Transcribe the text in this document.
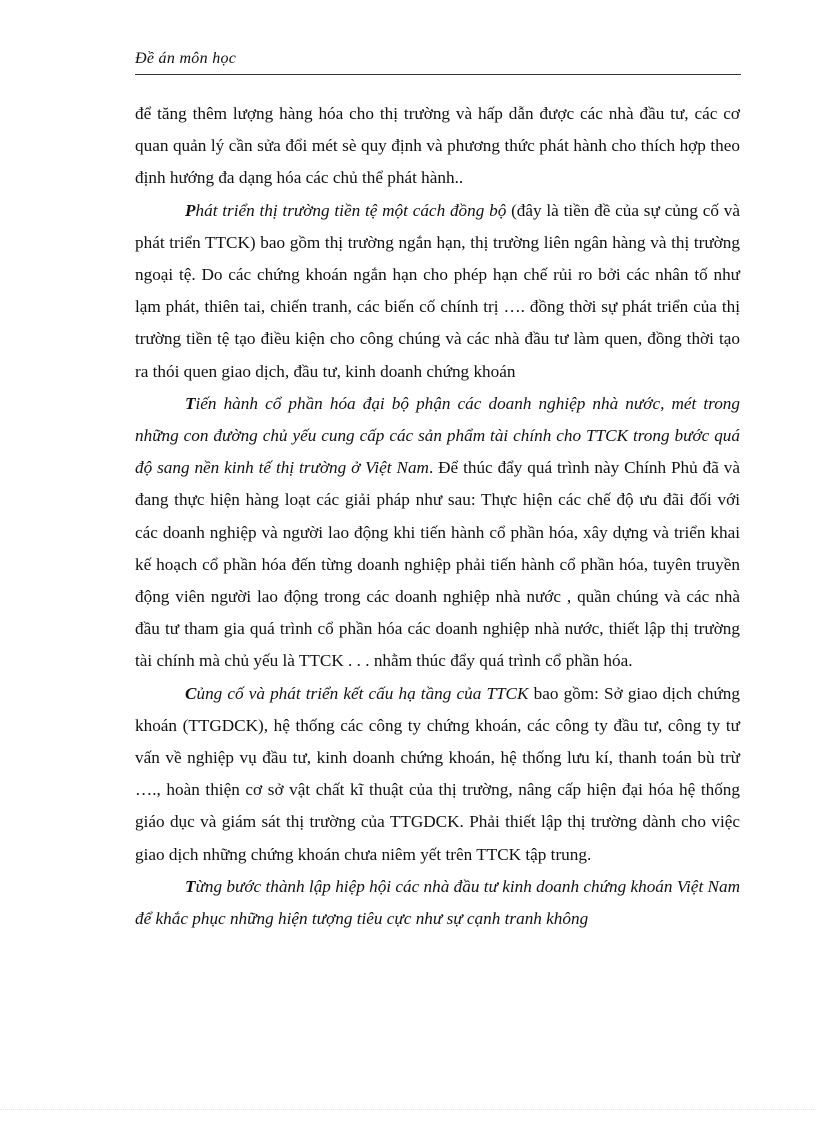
Đề án môn học

để tăng thêm lượng hàng hóa cho thị trường và hấp dẫn được các nhà đầu tư, các cơ quan quản lý cần sửa đổi mét sè quy định và phương thức phát hành cho thích hợp theo định hướng đa dạng hóa các chủ thể phát hành..

Phát triển thị trường tiền tệ một cách đồng bộ (đây là tiền đề của sự củng cố và phát triển TTCK) bao gồm thị trường ngắn hạn, thị trường liên ngân hàng và thị trường ngoại tệ. Do các chứng khoán ngắn hạn cho phép hạn chế rủi ro bởi các nhân tố như lạm phát, thiên tai, chiến tranh, các biến cố chính trị …. đồng thời sự phát triển của thị trường tiền tệ tạo điều kiện cho công chúng và các nhà đầu tư làm quen, đồng thời tạo ra thói quen giao dịch, đầu tư, kinh doanh chứng khoán

Tiến hành cổ phần hóa đại bộ phận các doanh nghiệp nhà nước, mét trong những con đường chủ yếu cung cấp các sản phẩm tài chính cho TTCK trong bước quá độ sang nền kinh tế thị trường ở Việt Nam. Để thúc đẩy quá trình này Chính Phủ đã và đang thực hiện hàng loạt các giải pháp như sau: Thực hiện các chế độ ưu đãi đối với các doanh nghiệp và người lao động khi tiến hành cổ phần hóa, xây dựng và triển khai kế hoạch cổ phần hóa đến từng doanh nghiệp phải tiến hành cổ phần hóa, tuyên truyền động viên người lao động trong các doanh nghiệp nhà nước , quần chúng và các nhà đầu tư tham gia quá trình cổ phần hóa các doanh nghiệp nhà nước, thiết lập thị trường tài chính mà chủ yếu là TTCK . . . nhằm thúc đẩy quá trình cổ phần hóa.

Củng cố và phát triển kết cấu hạ tầng của TTCK bao gồm: Sở giao dịch chứng khoán (TTGDCK), hệ thống các công ty chứng khoán, các công ty đầu tư, công ty tư vấn về nghiệp vụ đầu tư, kinh doanh chứng khoán, hệ thống lưu kí, thanh toán bù trừ …., hoàn thiện cơ sở vật chất kĩ thuật của thị trường, nâng cấp hiện đại hóa hệ thống giáo dục và giám sát thị trường của TTGDCK. Phải thiết lập thị trường dành cho việc giao dịch những chứng khoán chưa niêm yết trên TTCK tập trung.

Từng bước thành lập hiệp hội các nhà đầu tư kinh doanh chứng khoán Việt Nam để khắc phục những hiện tượng tiêu cực như sự cạnh tranh không
